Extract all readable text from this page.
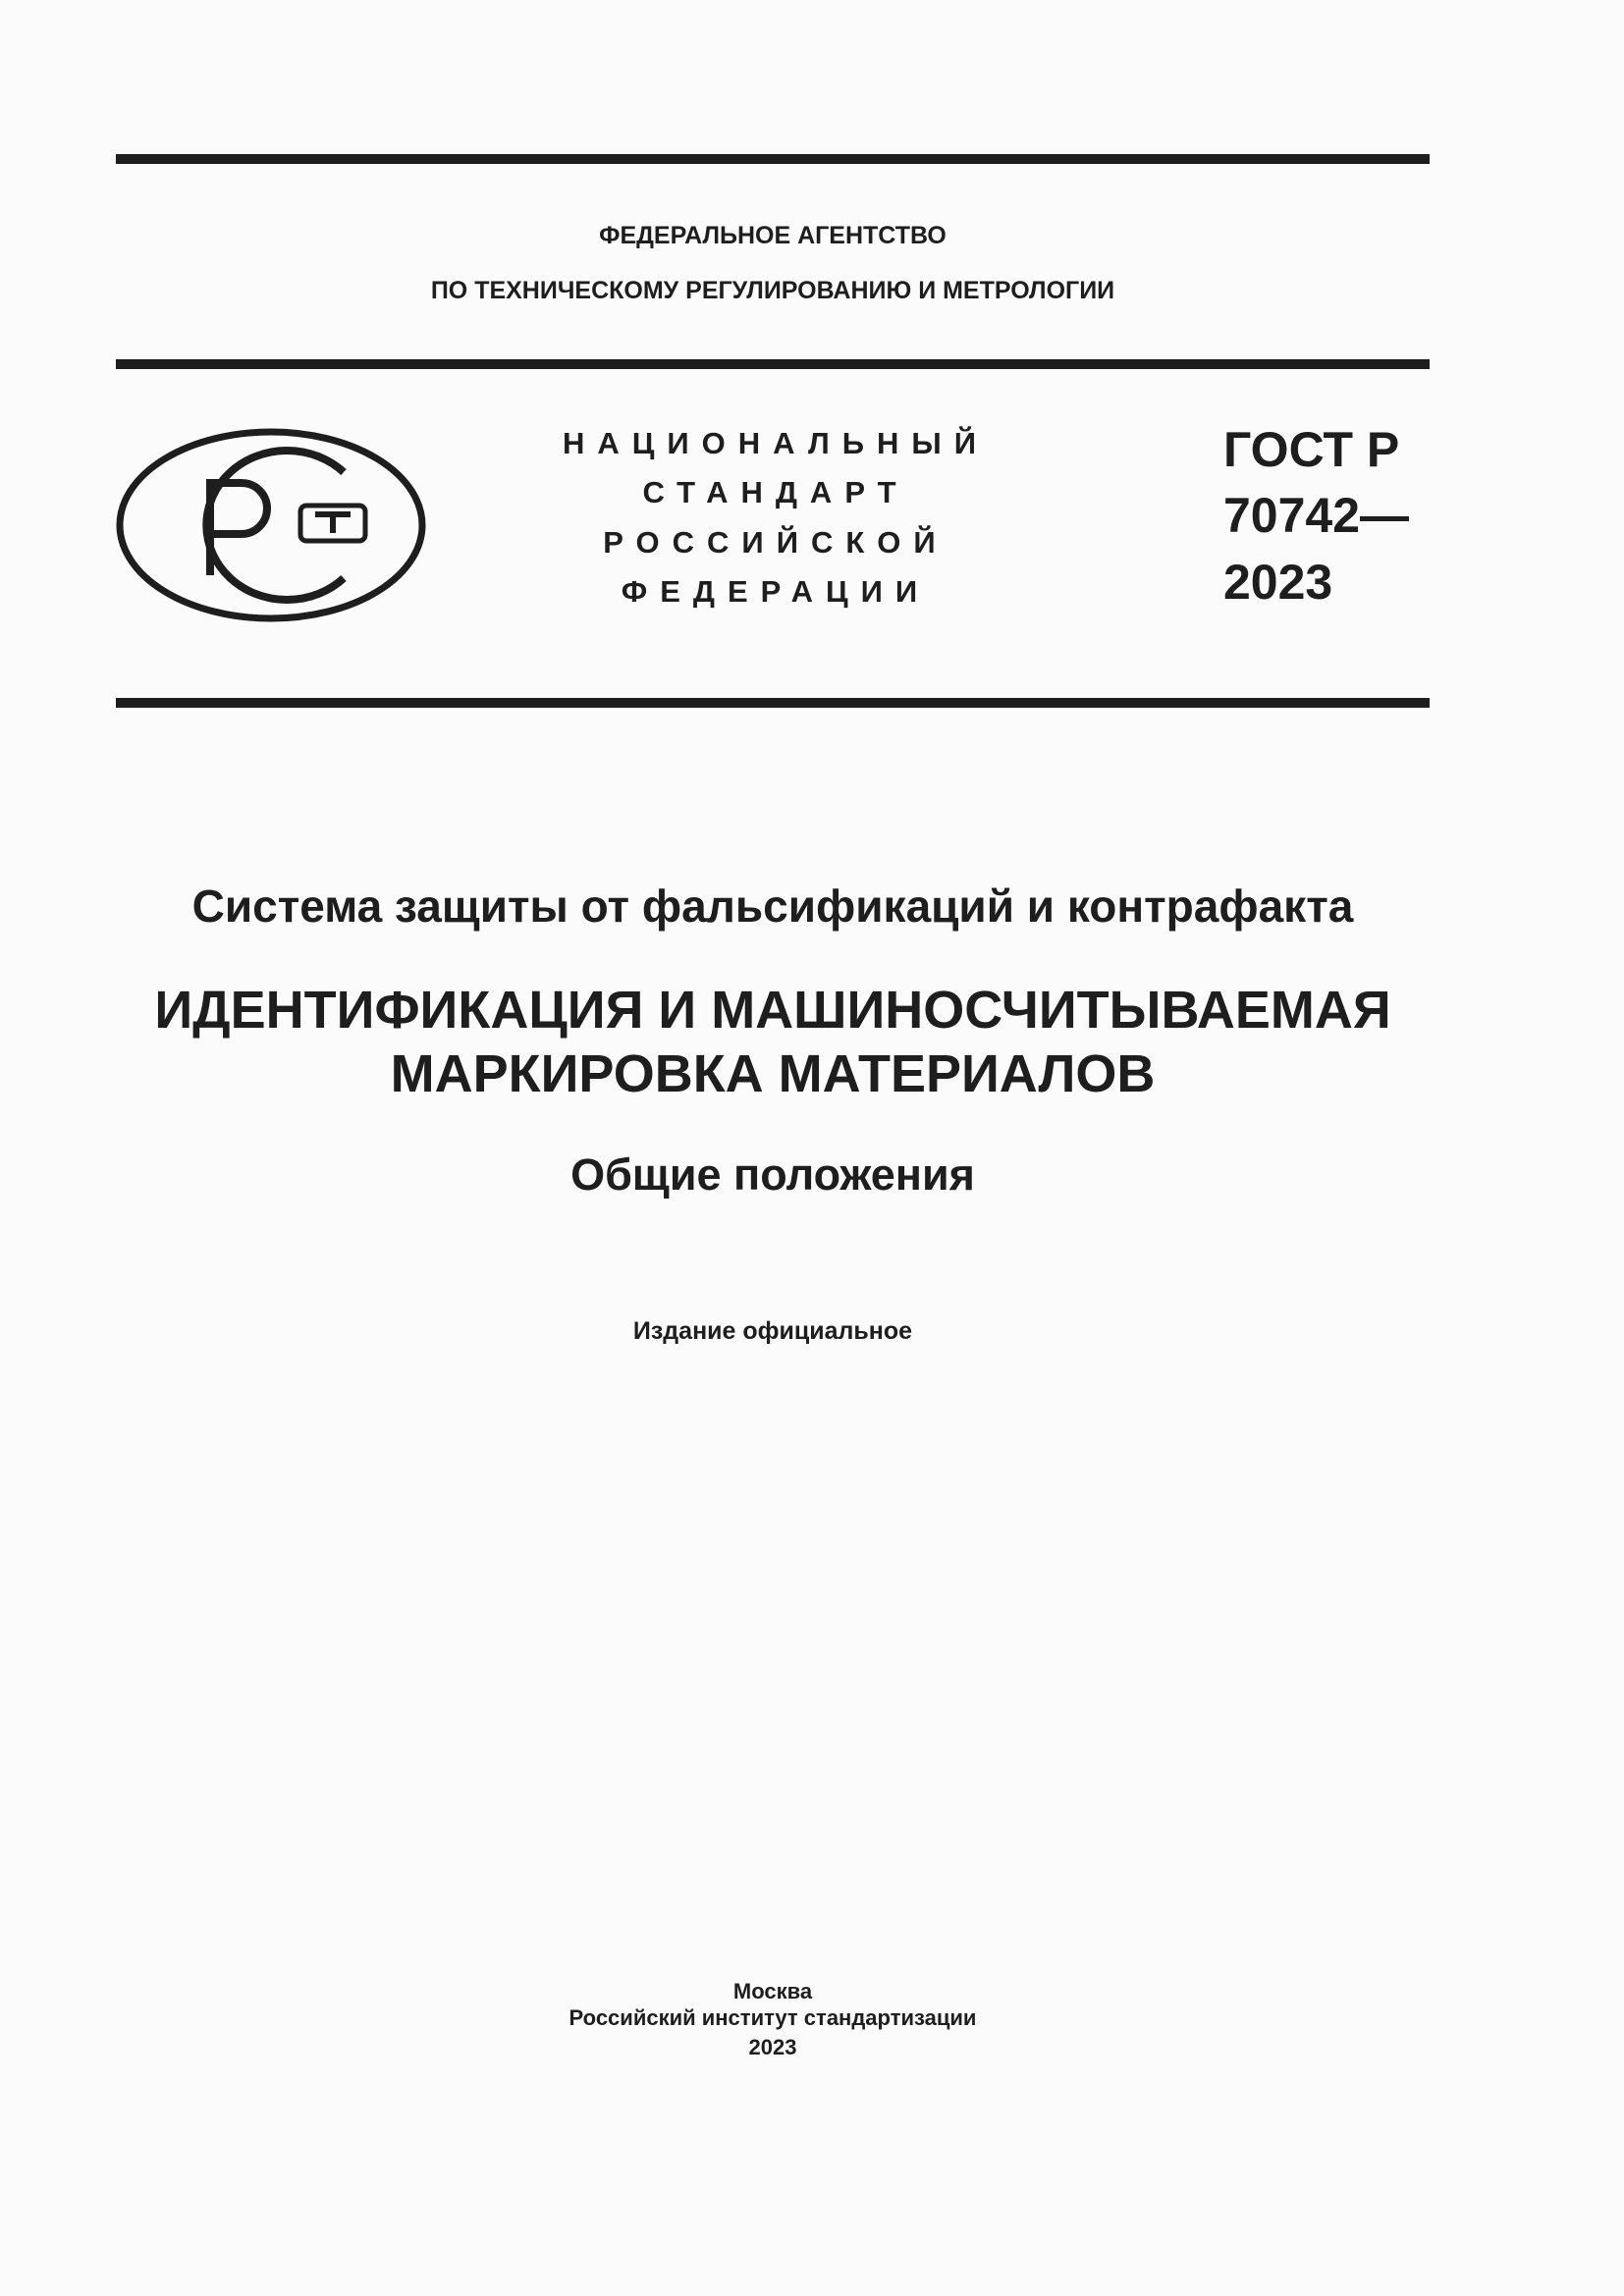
ФЕДЕРАЛЬНОЕ АГЕНТСТВО
ПО ТЕХНИЧЕСКОМУ РЕГУЛИРОВАНИЮ И МЕТРОЛОГИИ
НАЦИОНАЛЬНЫЙ
СТАНДАРТ
РОССИЙСКОЙ
ФЕДЕРАЦИИ
ГОСТ Р
70742—
2023
Система защиты от фальсификаций и контрафакта
ИДЕНТИФИКАЦИЯ И МАШИНОСЧИТЫВАЕМАЯ
МАРКИРОВКА МАТЕРИАЛОВ
Общие положения
Издание официальное
Москва
Российский институт стандартизации
2023
